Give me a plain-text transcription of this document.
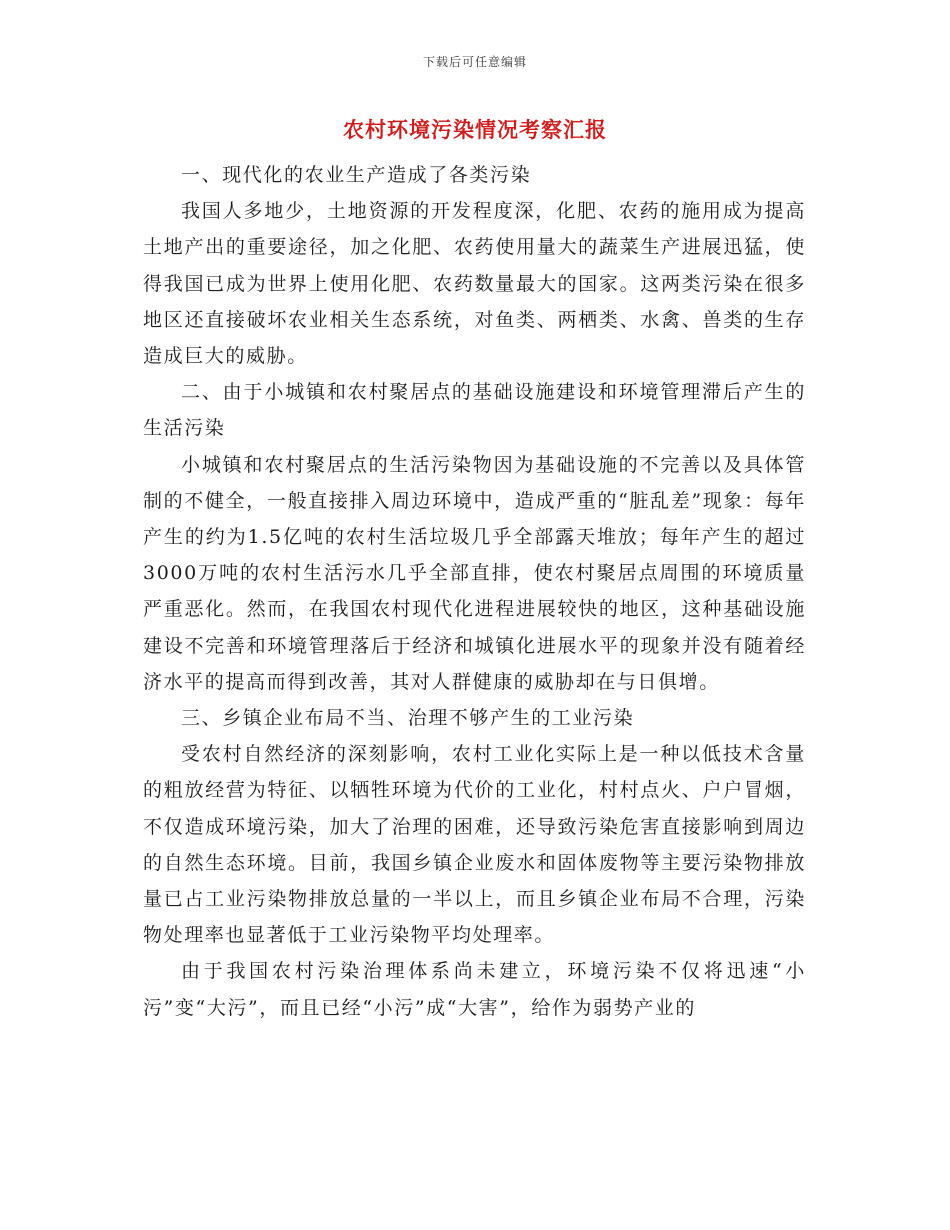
下载后可任意编辑
农村环境污染情况考察汇报

一、现代化的农业生产造成了各类污染

我国人多地少，土地资源的开发程度深，化肥、农药的施用成为提高土地产出的重要途径，加之化肥、农药使用量大的蔬菜生产进展迅猛，使得我国已成为世界上使用化肥、农药数量最大的国家。这两类污染在很多地区还直接破坏农业相关生态系统，对鱼类、两栖类、水禽、兽类的生存造成巨大的威胁。

二、由于小城镇和农村聚居点的基础设施建设和环境管理滞后产生的生活污染

小城镇和农村聚居点的生活污染物因为基础设施的不完善以及具体管制的不健全，一般直接排入周边环境中，造成严重的“脏乱差”现象：每年产生的约为1.5亿吨的农村生活垃圾几乎全部露天堆放；每年产生的超过3000万吨的农村生活污水几乎全部直排，使农村聚居点周围的环境质量严重恶化。然而，在我国农村现代化进程进展较快的地区，这种基础设施建设不完善和环境管理落后于经济和城镇化进展水平的现象并没有随着经济水平的提高而得到改善，其对人群健康的威胁却在与日俱增。

三、乡镇企业布局不当、治理不够产生的工业污染

受农村自然经济的深刻影响，农村工业化实际上是一种以低技术含量的粗放经营为特征、以牺牲环境为代价的工业化，村村点火、户户冒烟，不仅造成环境污染，加大了治理的困难，还导致污染危害直接影响到周边的自然生态环境。目前，我国乡镇企业废水和固体废物等主要污染物排放量已占工业污染物排放总量的一半以上，而且乡镇企业布局不合理，污染物处理率也显著低于工业污染物平均处理率。

由于我国农村污染治理体系尚未建立，环境污染不仅将迅速“小污”变“大污”，而且已经“小污”成“大害”，给作为弱势产业的
